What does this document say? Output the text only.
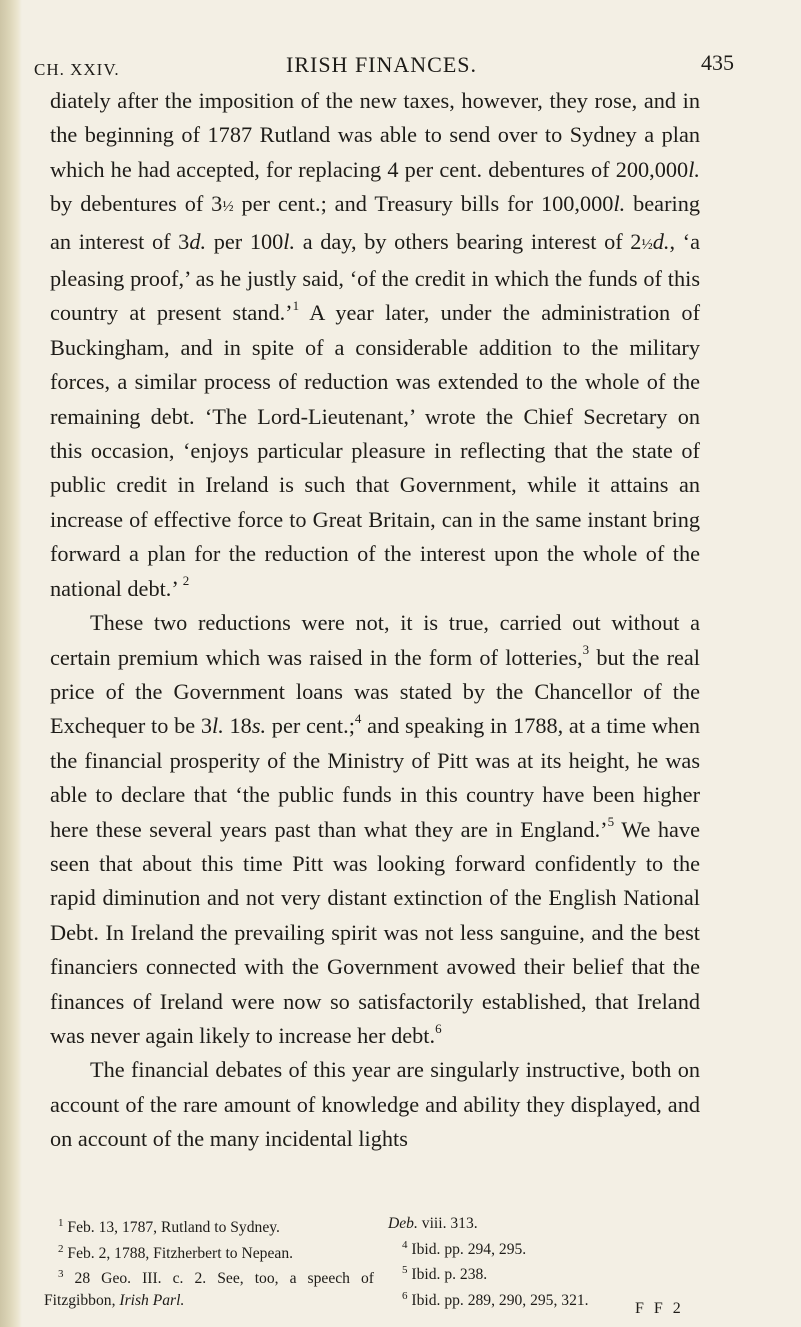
CH. XXIV.	IRISH FINANCES.	435

diately after the imposition of the new taxes, however, they rose, and in the beginning of 1787 Rutland was able to send over to Sydney a plan which he had accepted, for replacing 4 per cent. debentures of 200,000l. by debentures of 3½ per cent.; and Treasury bills for 100,000l. bearing an interest of 3d. per 100l. a day, by others bearing interest of 2½d., ‘a pleasing proof,’ as he justly said, ‘of the credit in which the funds of this country at present stand.’$^1$ A year later, under the administration of Buckingham, and in spite of a considerable addition to the military forces, a similar process of reduction was extended to the whole of the remaining debt. ‘The Lord-Lieutenant,’ wrote the Chief Secretary on this occasion, ‘enjoys particular pleasure in reflecting that the state of public credit in Ireland is such that Government, while it attains an increase of effective force to Great Britain, can in the same instant bring forward a plan for the reduction of the interest upon the whole of the national debt.’ $^2$

These two reductions were not, it is true, carried out without a certain premium which was raised in the form of lotteries,$^3$ but the real price of the Government loans was stated by the Chancellor of the Exchequer to be 3l. 18s. per cent.;$^4$ and speaking in 1788, at a time when the financial prosperity of the Ministry of Pitt was at its height, he was able to declare that ‘the public funds in this country have been higher here these several years past than what they are in England.’$^5$ We have seen that about this time Pitt was looking forward confidently to the rapid diminution and not very distant extinction of the English National Debt. In Ireland the prevailing spirit was not less sanguine, and the best financiers connected with the Government avowed their belief that the finances of Ireland were now so satisfactorily established, that Ireland was never again likely to increase her debt.$^6$

The financial debates of this year are singularly instructive, both on account of the rare amount of knowledge and ability they displayed, and on account of the many incidental lights

$^1$ Feb. 13, 1787, Rutland to Sydney.

$^2$ Feb. 2, 1788, Fitzherbert to Nepean.

$^3$ 28 Geo. III. c. 2. See, too, a speech of Fitzgibbon, Irish Parl.

Deb. viii. 313.

$^4$ Ibid. pp. 294, 295.

$^5$ Ibid. p. 238.

$^6$ Ibid. pp. 289, 290, 295, 321.	F F 2
